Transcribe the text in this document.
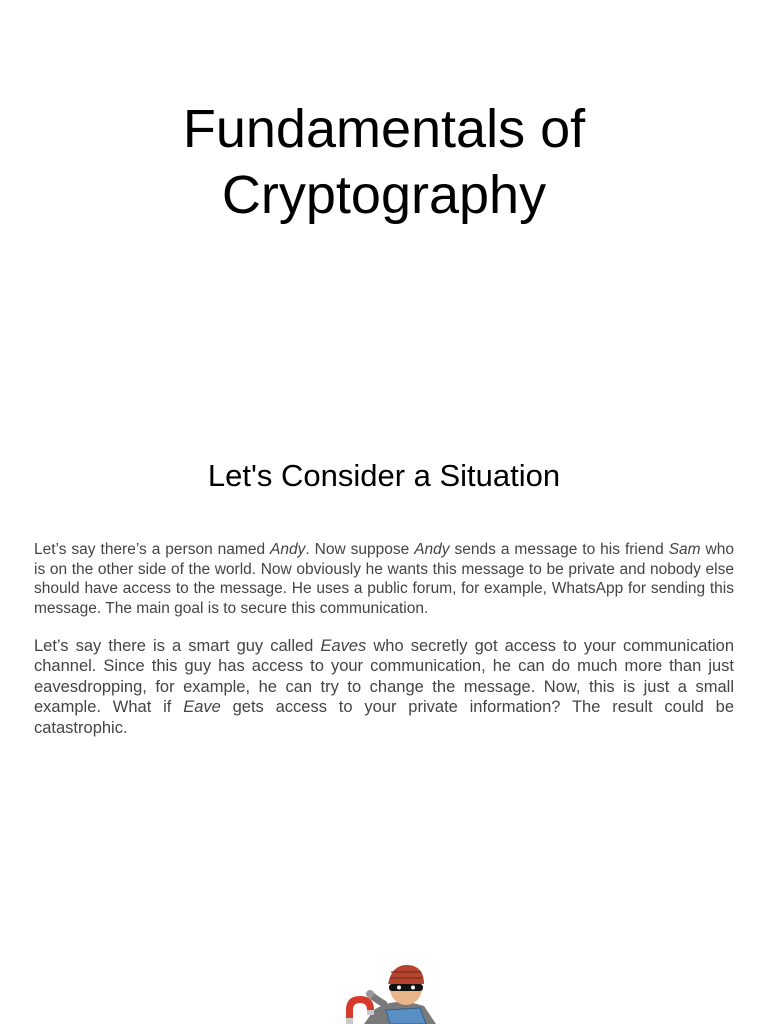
Fundamentals of
Cryptography
Let's Consider a Situation

Let’s say there’s a person named Andy. Now suppose Andy sends a message to his friend Sam who is on the other side of the world. Now obviously he wants this message to be private and nobody else should have access to the message. He uses a public forum, for example, WhatsApp for sending this message. The main goal is to secure this communication.

Let’s say there is a smart guy called Eaves who secretly got access to your communication channel. Since this guy has access to your communication, he can do much more than just eavesdropping, for example, he can try to change the message. Now, this is just a small example. What if Eave gets access to your private information? The result could be catastrophic.
